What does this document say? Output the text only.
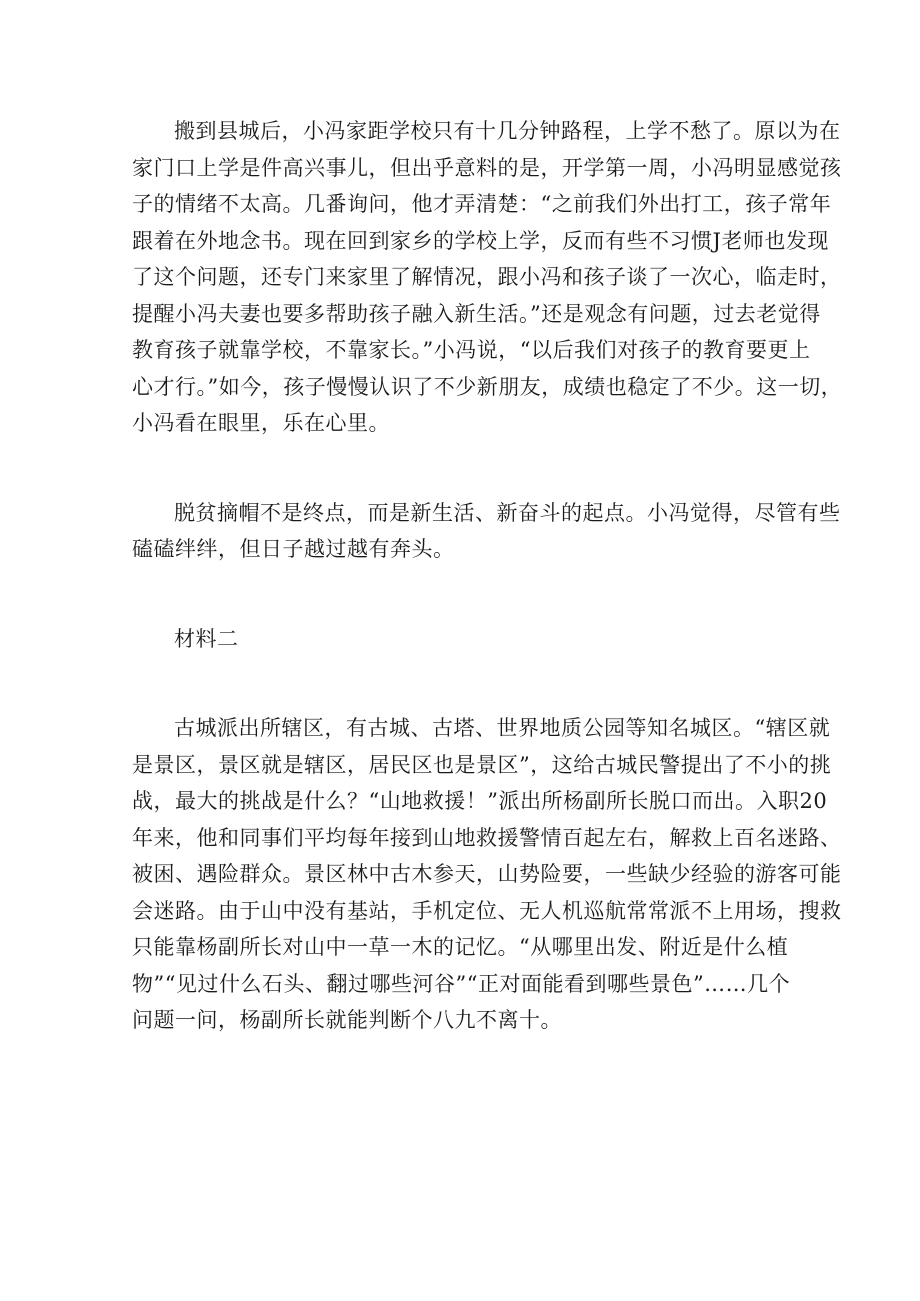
搬到县城后，小冯家距学校只有十几分钟路程，上学不愁了。原以为在
家门口上学是件高兴事儿，但出乎意料的是，开学第一周，小冯明显感觉孩
子的情绪不太高。几番询问，他才弄清楚：“之前我们外出打工，孩子常年
跟着在外地念书。现在回到家乡的学校上学，反而有些不习惯J老师也发现
了这个问题，还专门来家里了解情况，跟小冯和孩子谈了一次心，临走时，
提醒小冯夫妻也要多帮助孩子融入新生活。”还是观念有问题，过去老觉得
教育孩子就靠学校，不靠家长。”小冯说，“以后我们对孩子的教育要更上
心才行。”如今，孩子慢慢认识了不少新朋友，成绩也稳定了不少。这一切，
小冯看在眼里，乐在心里。
脱贫摘帽不是终点，而是新生活、新奋斗的起点。小冯觉得，尽管有些
磕磕绊绊，但日子越过越有奔头。
材料二
古城派出所辖区，有古城、古塔、世界地质公园等知名城区。“辖区就
是景区，景区就是辖区，居民区也是景区”，这给古城民警提出了不小的挑
战，最大的挑战是什么？“山地救援！”派出所杨副所长脱口而出。入职20
年来，他和同事们平均每年接到山地救援警情百起左右，解救上百名迷路、
被困、遇险群众。景区林中古木参天，山势险要，一些缺少经验的游客可能
会迷路。由于山中没有基站，手机定位、无人机巡航常常派不上用场，搜救
只能靠杨副所长对山中一草一木的记忆。“从哪里出发、附近是什么植
物”“见过什么石头、翻过哪些河谷”“正对面能看到哪些景色”……几个
问题一问，杨副所长就能判断个八九不离十。
